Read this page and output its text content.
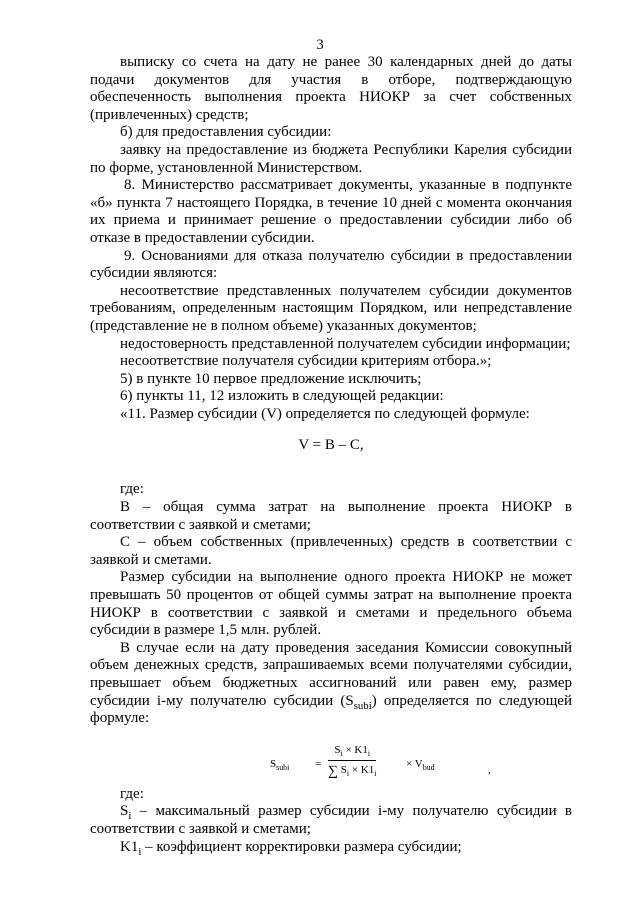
3

выписку со счета на дату не ранее 30 календарных дней до даты подачи документов для участия в отборе, подтверждающую обеспеченность выполнения проекта НИОКР за счет собственных (привлеченных) средств;

б) для предоставления субсидии:

заявку на предоставление из бюджета Республики Карелия субсидии по форме, установленной Министерством.

8. Министерство рассматривает документы, указанные в подпункте «б» пункта 7 настоящего Порядка, в течение 10 дней с момента окончания их приема и принимает решение о предоставлении субсидии либо об отказе в предоставлении субсидии.

9. Основаниями для отказа получателю субсидии в предоставлении субсидии являются:

несоответствие представленных получателем субсидии документов требованиям, определенным настоящим Порядком, или непредставление (представление не в полном объеме) указанных документов;

недостоверность представленной получателем субсидии информации;

несоответствие получателя субсидии критериям отбора.»;

5) в пункте 10 первое предложение исключить;

6) пункты 11, 12 изложить в следующей редакции:

«11. Размер субсидии (V) определяется по следующей формуле:

V = B – C,

где:

B – общая сумма затрат на выполнение проекта НИОКР в соответствии с заявкой и сметами;

C – объем собственных (привлеченных) средств в соответствии с заявкой и сметами.

Размер субсидии на выполнение одного проекта НИОКР не может превышать 50 процентов от общей суммы затрат на выполнение проекта НИОКР в соответствии с заявкой и сметами и предельного объема субсидии в размере 1,5 млн. рублей.

В случае если на дату проведения заседания Комиссии совокупный объем денежных средств, запрашиваемых всеми получателями субсидии, превышает объем бюджетных ассигнований или равен ему, размер субсидии i-му получателю субсидии $(S_{subi})$ определяется по следующей формуле:

$S_{subi} = \frac{S_i \times K1_i}{\sum S_i \times K1_i}$	× $V_{bud}$	,

где:

$S_i$ – максимальный размер субсидии i-му получателю субсидии в соответствии с заявкой и сметами;

$K1_i$ – коэффициент корректировки размера субсидии;
